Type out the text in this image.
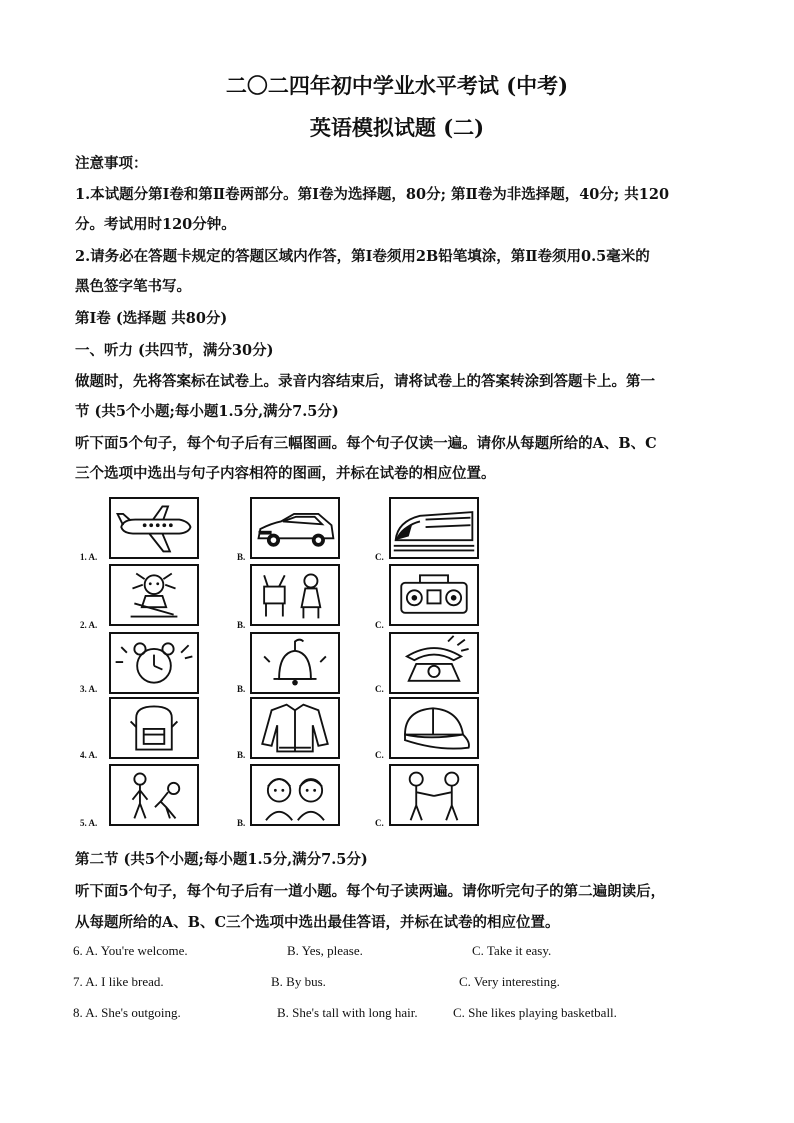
二〇二四年初中学业水平考试 (中考)
英语模拟试题 (二)
注意事项：
1.本试题分第Ⅰ卷和第Ⅱ卷两部分。第Ⅰ卷为选择题，80分; 第Ⅱ卷为非选择题，40分; 共120
分。考试用时120分钟。
2.请务必在答题卡规定的答题区域内作答，第Ⅰ卷须用2B铅笔填涂，第Ⅱ卷须用0.5毫米的
黑色签字笔书写。
第Ⅰ卷 (选择题 共80分)
一、听力 (共四节，满分30分)
做题时，先将答案标在试卷上。录音内容结束后，请将试卷上的答案转涂到答题卡上。第一
节 (共5个小题;每小题1.5分,满分7.5分)
听下面5个句子，每个句子后有三幅图画。每个句子仅读一遍。请你从每题所给的A、B、C
三个选项中选出与句子内容相符的图画，并标在试卷的相应位置。
1. A.	B.	C.
2. A.	B.	C.
3. A.	B.	C.
4. A.	B.	C.
5. A.	B.	C.
第二节 (共5个小题;每小题1.5分,满分7.5分)
听下面5个句子，每个句子后有一道小题。每个句子读两遍。请你听完句子的第二遍朗读后，
从每题所给的A、B、C三个选项中选出最佳答语，并标在试卷的相应位置。
6. A. You're welcome.	B. Yes, please.	C. Take it easy.
7. A. I like bread.	B. By bus.	C. Very interesting.
8. A. She's outgoing.	B. She's tall with long hair.	C. She likes playing basketball.
